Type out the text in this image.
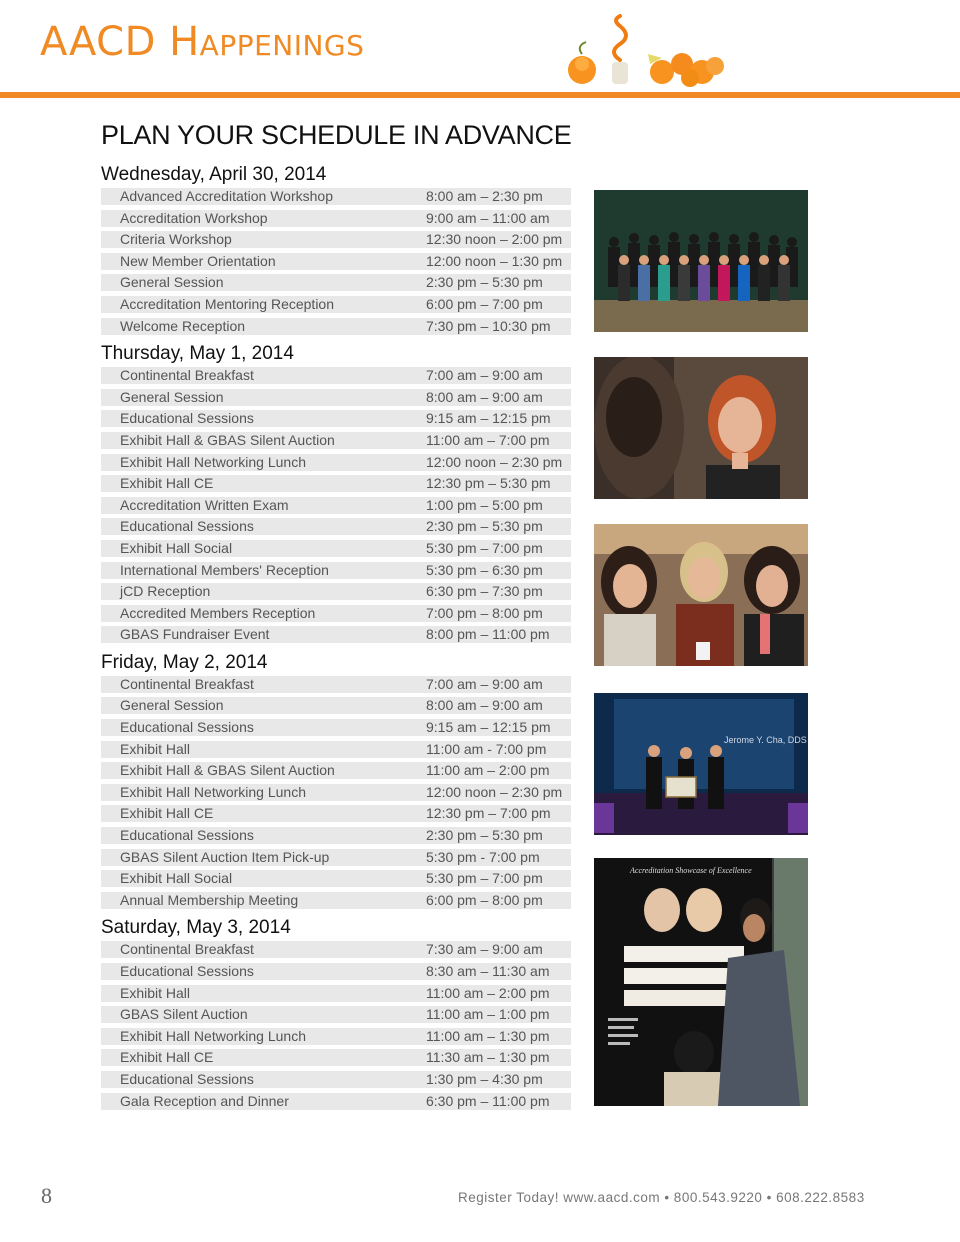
AACD Happenings
PLAN YOUR SCHEDULE IN ADVANCE
Wednesday, April 30, 2014
Advanced Accreditation Workshop	8:00 am – 2:30 pm
Accreditation Workshop	9:00 am – 11:00 am
Criteria Workshop	12:30 noon – 2:00 pm
New Member Orientation	12:00 noon – 1:30 pm
General Session	2:30 pm – 5:30 pm
Accreditation Mentoring Reception	6:00 pm – 7:00 pm
Welcome Reception	7:30 pm – 10:30 pm
Thursday, May 1, 2014
Continental Breakfast	7:00 am – 9:00 am
General Session	8:00 am – 9:00 am
Educational Sessions	9:15 am – 12:15 pm
Exhibit Hall & GBAS Silent Auction	11:00 am – 7:00 pm
Exhibit Hall Networking Lunch	12:00 noon – 2:30 pm
Exhibit Hall CE	12:30 pm – 5:30 pm
Accreditation Written Exam	1:00 pm – 5:00 pm
Educational Sessions	2:30 pm – 5:30 pm
Exhibit Hall Social	5:30 pm – 7:00 pm
International Members' Reception	5:30 pm – 6:30 pm
jCD Reception	6:30 pm – 7:30 pm
Accredited Members Reception	7:00 pm – 8:00 pm
GBAS Fundraiser Event	8:00 pm – 11:00 pm
Friday, May 2, 2014
Continental Breakfast	7:00 am – 9:00 am
General Session	8:00 am – 9:00 am
Educational Sessions	9:15 am – 12:15 pm
Exhibit Hall	11:00 am - 7:00 pm
Exhibit Hall & GBAS Silent Auction	11:00 am – 2:00 pm
Exhibit Hall Networking Lunch	12:00 noon – 2:30 pm
Exhibit Hall CE	12:30 pm – 7:00 pm
Educational Sessions	2:30 pm – 5:30 pm
GBAS Silent Auction Item Pick-up	5:30 pm - 7:00 pm
Exhibit Hall Social	5:30 pm – 7:00 pm
Annual Membership Meeting	6:00 pm – 8:00 pm
Saturday, May 3, 2014
Continental Breakfast	7:30 am – 9:00 am
Educational Sessions	8:30 am – 11:30 am
Exhibit Hall	11:00 am – 2:00 pm
GBAS Silent Auction	11:00 am – 1:00 pm
Exhibit Hall Networking Lunch	11:00 am – 1:30 pm
Exhibit Hall CE	11:30 am – 1:30 pm
Educational Sessions	1:30 pm – 4:30 pm
Gala Reception and Dinner	6:30 pm – 11:00 pm
Jerome Y. Cha, DDS
Accreditation Showcase of Excellence
8	Register Today! www.aacd.com • 800.543.9220 • 608.222.8583
